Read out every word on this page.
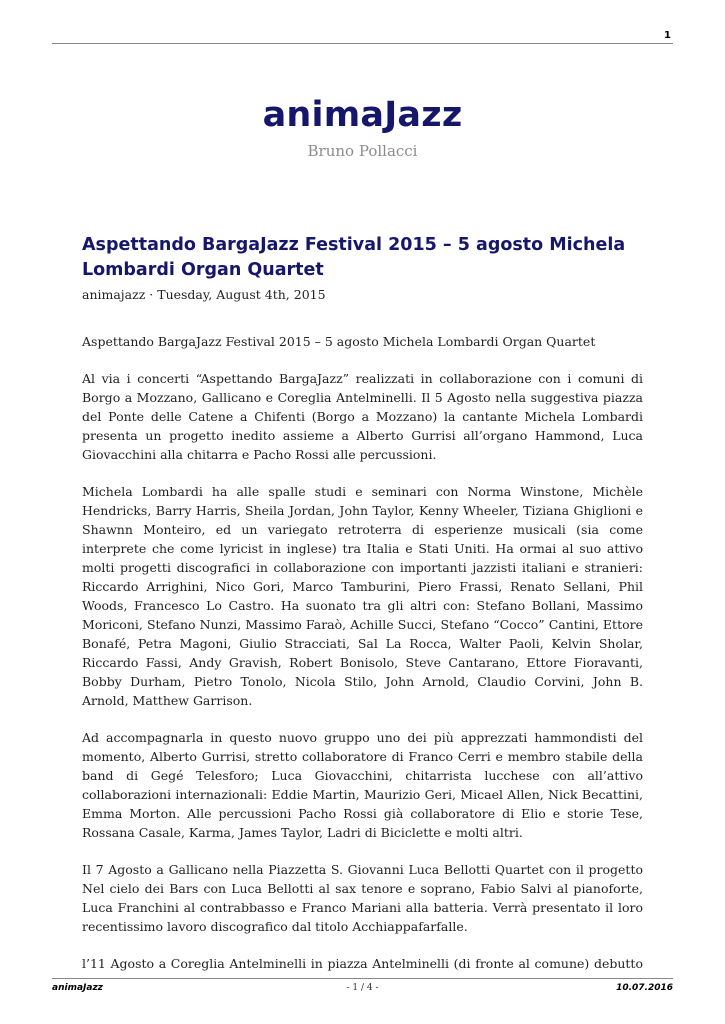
1
animaJazz
Bruno Pollacci
Aspettando BargaJazz Festival 2015 – 5 agosto Michela Lombardi Organ Quartet

animajazz · Tuesday, August 4th, 2015

Aspettando BargaJazz Festival 2015 – 5 agosto Michela Lombardi Organ Quartet

Al via i concerti “Aspettando BargaJazz” realizzati in collaborazione con i comuni di Borgo a Mozzano, Gallicano e Coreglia Antelminelli. Il 5 Agosto nella suggestiva piazza del Ponte delle Catene a Chifenti (Borgo a Mozzano) la cantante Michela Lombardi presenta un progetto inedito assieme a Alberto Gurrisi all’organo Hammond, Luca Giovacchini alla chitarra e Pacho Rossi alle percussioni.

Michela Lombardi ha alle spalle studi e seminari con Norma Winstone, Michèle Hendricks, Barry Harris, Sheila Jordan, John Taylor, Kenny Wheeler, Tiziana Ghiglioni e Shawnn Monteiro, ed un variegato retroterra di esperienze musicali (sia come interprete che come lyricist in inglese) tra Italia e Stati Uniti. Ha ormai al suo attivo molti progetti discografici in collaborazione con importanti jazzisti italiani e stranieri: Riccardo Arrighini, Nico Gori, Marco Tamburini, Piero Frassi, Renato Sellani, Phil Woods, Francesco Lo Castro. Ha suonato tra gli altri con: Stefano Bollani, Massimo Moriconi, Stefano Nunzi, Massimo Faraò, Achille Succi, Stefano “Cocco” Cantini, Ettore Bonafé, Petra Magoni, Giulio Stracciati, Sal La Rocca, Walter Paoli, Kelvin Sholar, Riccardo Fassi, Andy Gravish, Robert Bonisolo, Steve Cantarano, Ettore Fioravanti, Bobby Durham, Pietro Tonolo, Nicola Stilo, John Arnold, Claudio Corvini, John B. Arnold, Matthew Garrison.

Ad accompagnarla in questo nuovo gruppo uno dei più apprezzati hammondisti del momento, Alberto Gurrisi, stretto collaboratore di Franco Cerri e membro stabile della band di Gegé Telesforo; Luca Giovacchini, chitarrista lucchese con all’attivo collaborazioni internazionali: Eddie Martin, Maurizio Geri, Micael Allen, Nick Becattini, Emma Morton. Alle percussioni Pacho Rossi già collaboratore di Elio e storie Tese, Rossana Casale, Karma, James Taylor, Ladri di Biciclette e molti altri.

Il 7 Agosto a Gallicano nella Piazzetta S. Giovanni Luca Bellotti Quartet con il progetto Nel cielo dei Bars con Luca Bellotti al sax tenore e soprano, Fabio Salvi al pianoforte, Luca Franchini al contrabbasso e Franco Mariani alla batteria. Verrà presentato il loro recentissimo lavoro discografico dal titolo Acchiappafarfalle.

l’11 Agosto a Coreglia Antelminelli in piazza Antelminelli (di fronte al comune) debutto

animaJazz	- 1 / 4 -	10.07.2016
